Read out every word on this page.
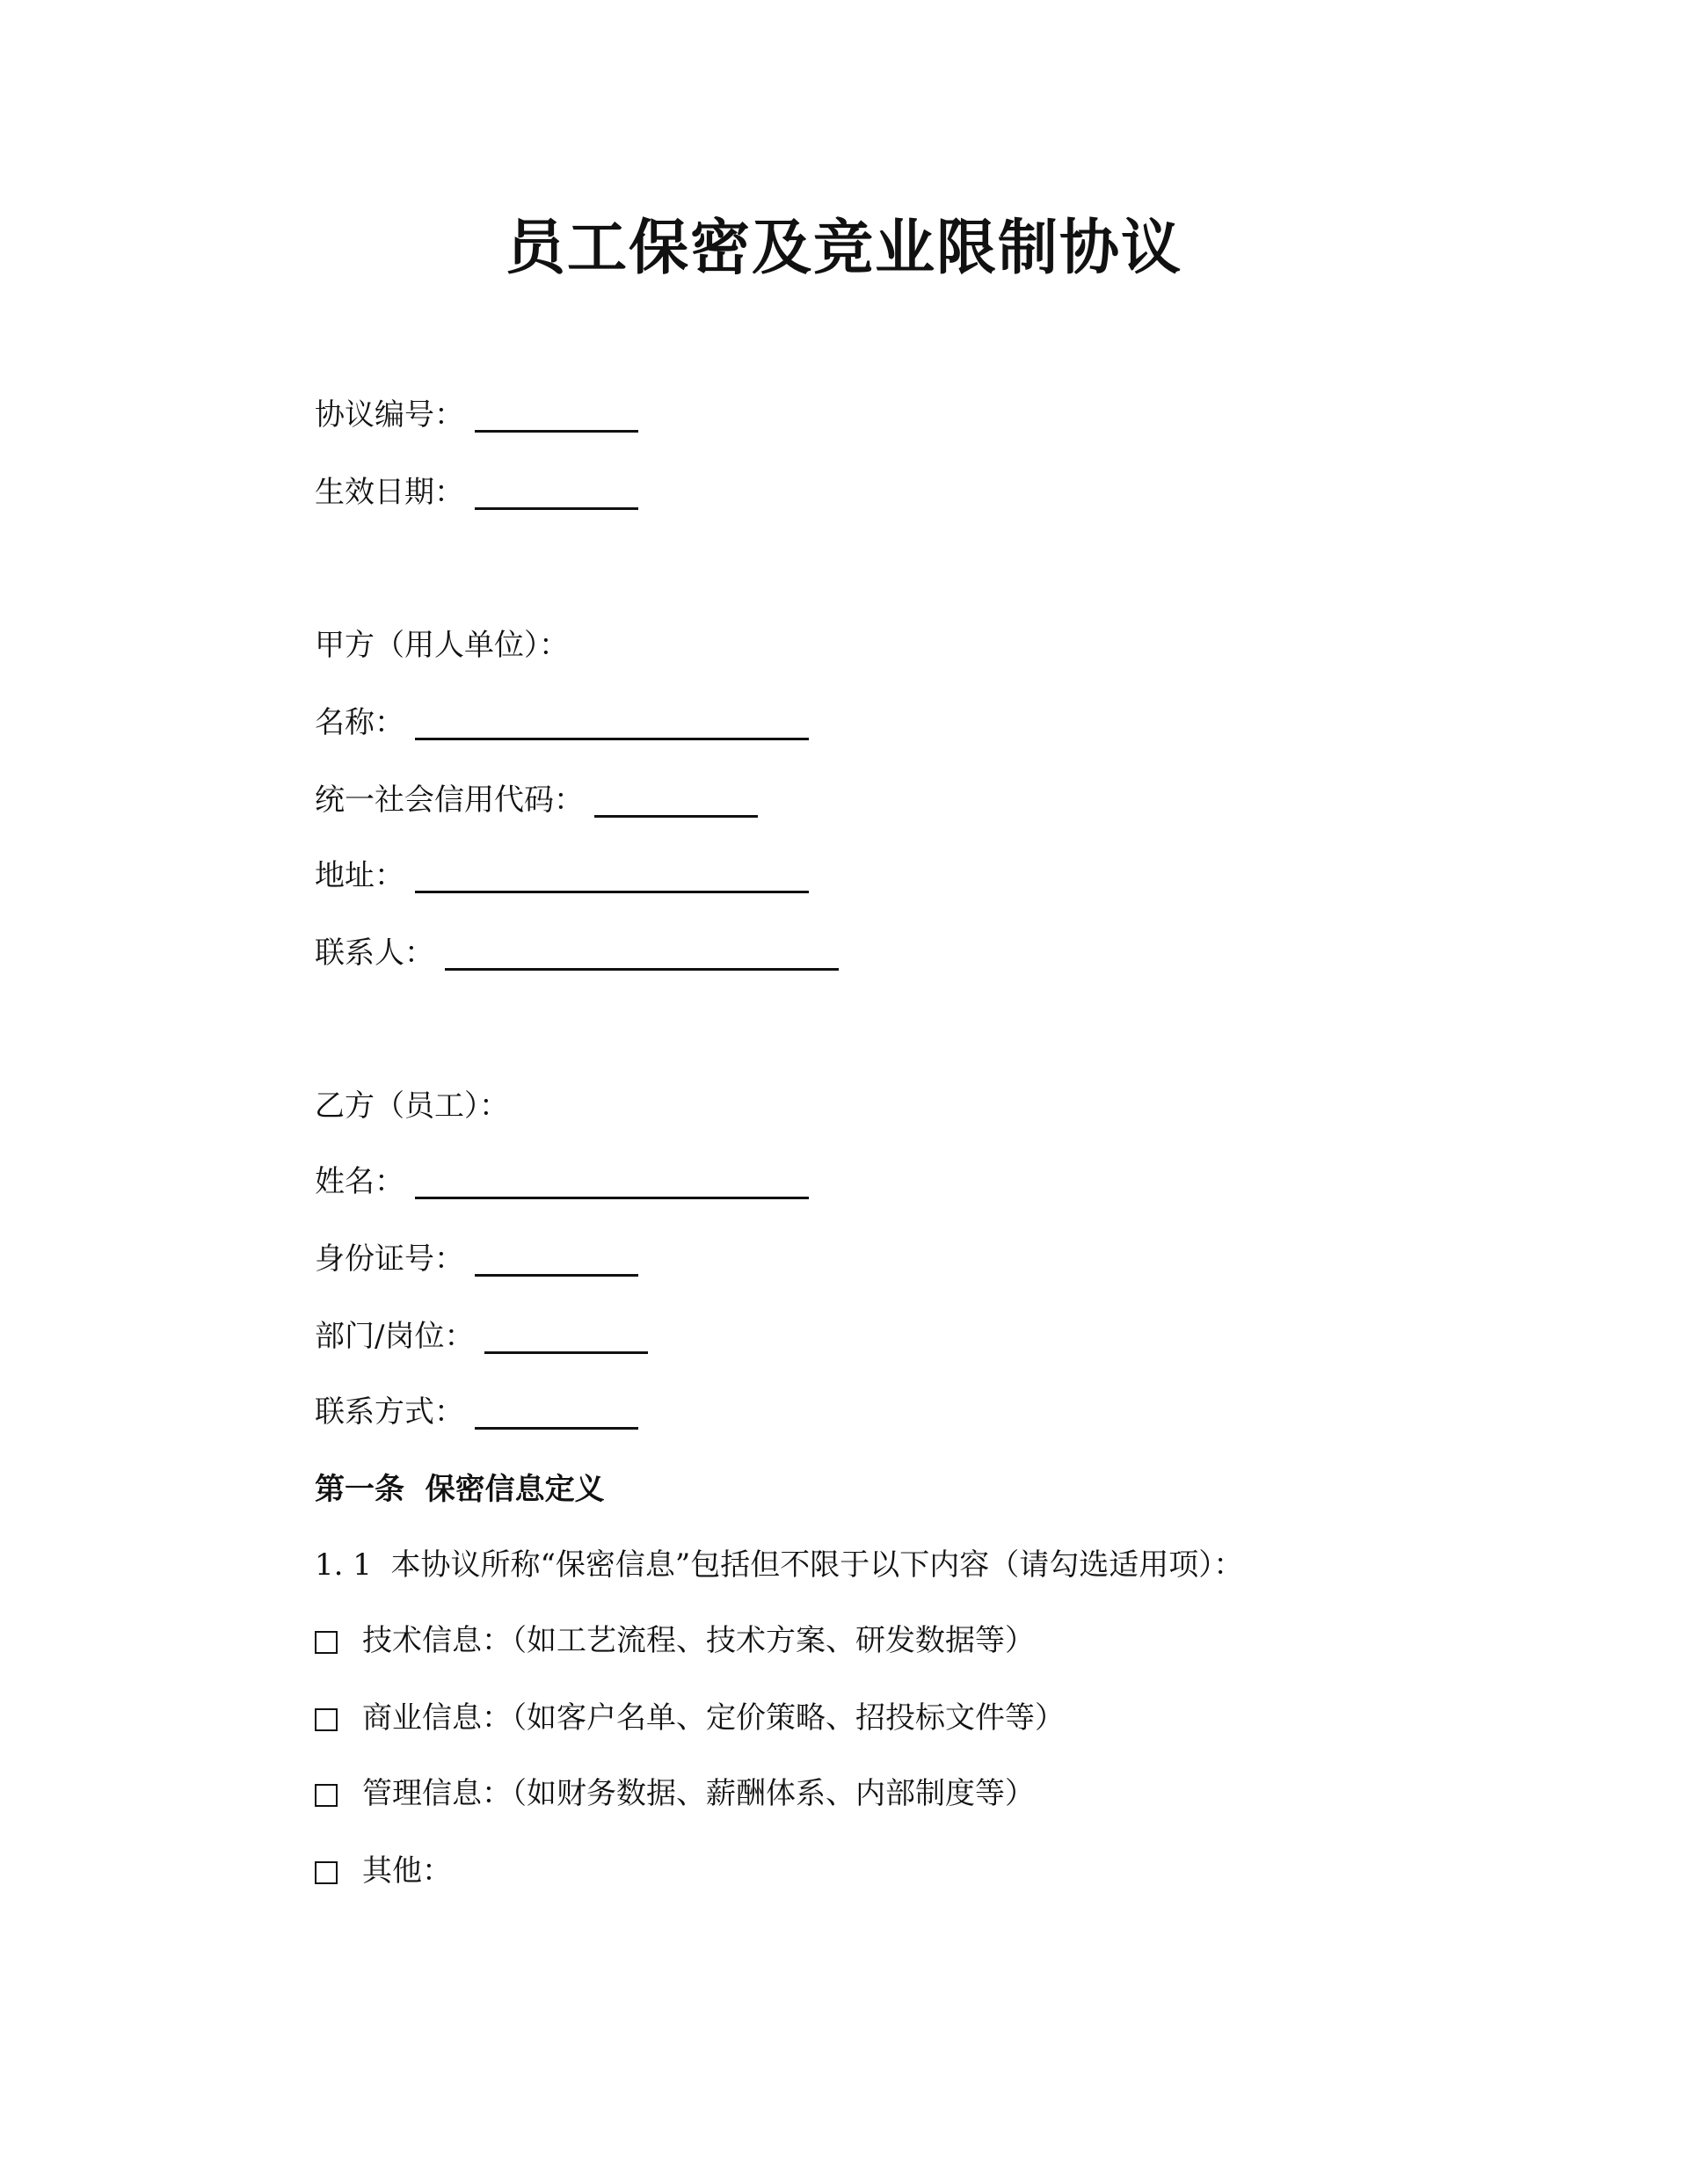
员工保密及竞业限制协议
协议编号：
生效日期：
甲方（用人单位）：
名称：
统一社会信用代码：
地址：
联系人：
乙方（员工）：
姓名：
身份证号：
部门/岗位：
联系方式：
第一条  保密信息定义
1. 1  本协议所称“保密信息”包括但不限于以下内容（请勾选适用项）：
技术信息：（如工艺流程、技术方案、研发数据等）
商业信息：（如客户名单、定价策略、招投标文件等）
管理信息：（如财务数据、薪酬体系、内部制度等）
其他：
